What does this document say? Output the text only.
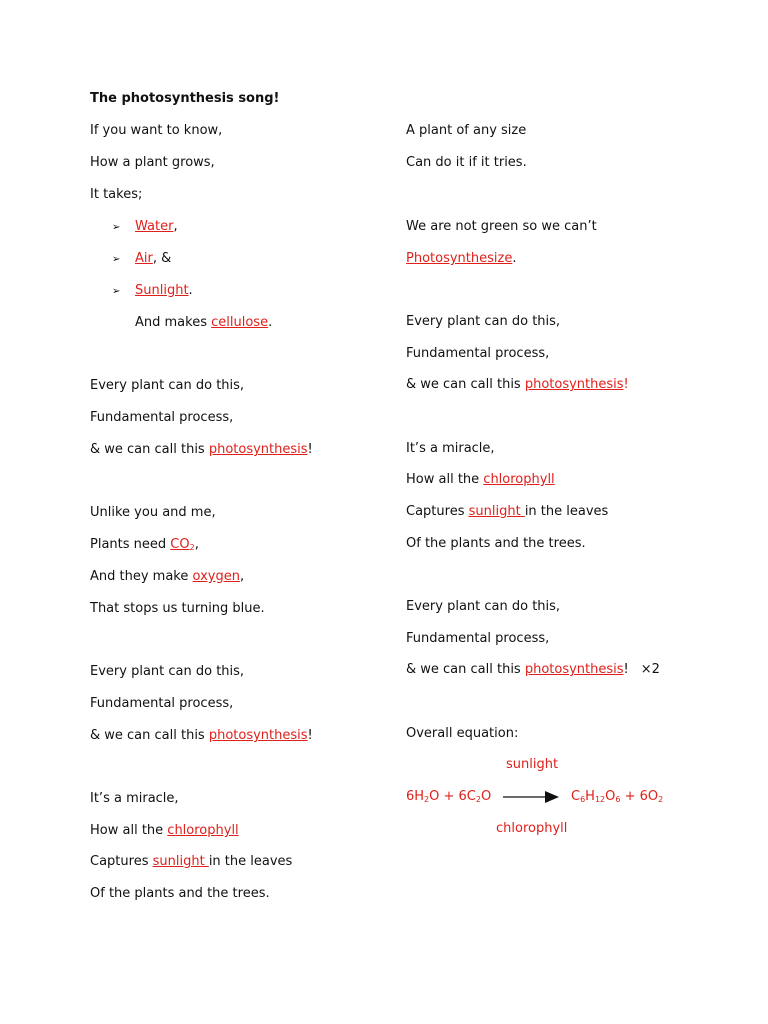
The photosynthesis song!
If you want to know,
How a plant grows,
It takes;
➢ Water,
➢ Air, &
➢ Sunlight.
And makes cellulose.
Every plant can do this,
Fundamental process,
& we can call this photosynthesis!
Unlike you and me,
Plants need $CO_2$,
And they make oxygen,
That stops us turning blue.
Every plant can do this,
Fundamental process,
& we can call this photosynthesis!
It’s a miracle,
How all the chlorophyll
Captures sunlight in the leaves
Of the plants and the trees.
A plant of any size
Can do it if it tries.
We are not green so we can’t
Photosynthesize.
Every plant can do this,
Fundamental process,
& we can call this photosynthesis!
It’s a miracle,
How all the chlorophyll
Captures sunlight in the leaves
Of the plants and the trees.
Every plant can do this,
Fundamental process,
& we can call this photosynthesis! ×2
Overall equation:
sunlight
$6H_2O + 6C_2O$	$C_6H_{12}O_6 + 6O_2$
chlorophyll
